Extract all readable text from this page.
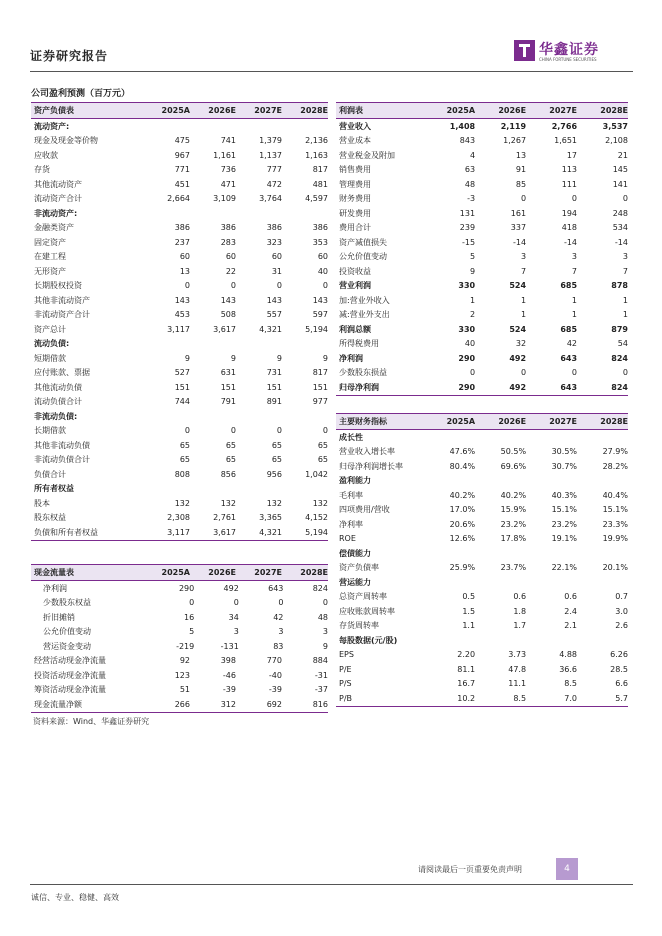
证券研究报告	华鑫证券
CHINA FORTUNE SECURITIES
公司盈利预测（百万元）
资产负债表	2025A	2026E	2027E	2028E
流动资产:
现金及现金等价物	475	741	1,379	2,136
应收款	967	1,161	1,137	1,163
存货	771	736	777	817
其他流动资产	451	471	472	481
流动资产合计	2,664	3,109	3,764	4,597
非流动资产:
金融类资产	386	386	386	386
固定资产	237	283	323	353
在建工程	60	60	60	60
无形资产	13	22	31	40
长期股权投资	0	0	0	0
其他非流动资产	143	143	143	143
非流动资产合计	453	508	557	597
资产总计	3,117	3,617	4,321	5,194
流动负债:
短期借款	9	9	9	9
应付账款、票据	527	631	731	817
其他流动负债	151	151	151	151
流动负债合计	744	791	891	977
非流动负债:
长期借款	0	0	0	0
其他非流动负债	65	65	65	65
非流动负债合计	65	65	65	65
负债合计	808	856	956	1,042
所有者权益
股本	132	132	132	132
股东权益	2,308	2,761	3,365	4,152
负债和所有者权益	3,117	3,617	4,321	5,194
利润表	2025A	2026E	2027E	2028E
营业收入	1,408	2,119	2,766	3,537
营业成本	843	1,267	1,651	2,108
营业税金及附加	4	13	17	21
销售费用	63	91	113	145
管理费用	48	85	111	141
财务费用	-3	0	0	0
研发费用	131	161	194	248
费用合计	239	337	418	534
资产减值损失	-15	-14	-14	-14
公允价值变动	5	3	3	3
投资收益	9	7	7	7
营业利润	330	524	685	878
加:营业外收入	1	1	1	1
减:营业外支出	2	1	1	1
利润总额	330	524	685	879
所得税费用	40	32	42	54
净利润	290	492	643	824
少数股东损益	0	0	0	0
归母净利润	290	492	643	824
主要财务指标	2025A	2026E	2027E	2028E
成长性
营业收入增长率	47.6%	50.5%	30.5%	27.9%
归母净利润增长率	80.4%	69.6%	30.7%	28.2%
盈利能力
毛利率	40.2%	40.2%	40.3%	40.4%
四项费用/营收	17.0%	15.9%	15.1%	15.1%
净利率	20.6%	23.2%	23.2%	23.3%
ROE	12.6%	17.8%	19.1%	19.9%
偿债能力
资产负债率	25.9%	23.7%	22.1%	20.1%
营运能力
总资产周转率	0.5	0.6	0.6	0.7
应收账款周转率	1.5	1.8	2.4	3.0
存货周转率	1.1	1.7	2.1	2.6
每股数据(元/股)
EPS	2.20	3.73	4.88	6.26
P/E	81.1	47.8	36.6	28.5
P/S	16.7	11.1	8.5	6.6
P/B	10.2	8.5	7.0	5.7
现金流量表	2025A	2026E	2027E	2028E
净利润	290	492	643	824
少数股东权益	0	0	0	0
折旧摊销	16	34	42	48
公允价值变动	5	3	3	3
营运资金变动	-219	-131	83	9
经营活动现金净流量	92	398	770	884
投资活动现金净流量	123	-46	-40	-31
筹资活动现金净流量	51	-39	-39	-37
现金流量净额	266	312	692	816
资料来源：Wind、华鑫证券研究
请阅读最后一页重要免责声明	4
诚信、专业、稳健、高效
